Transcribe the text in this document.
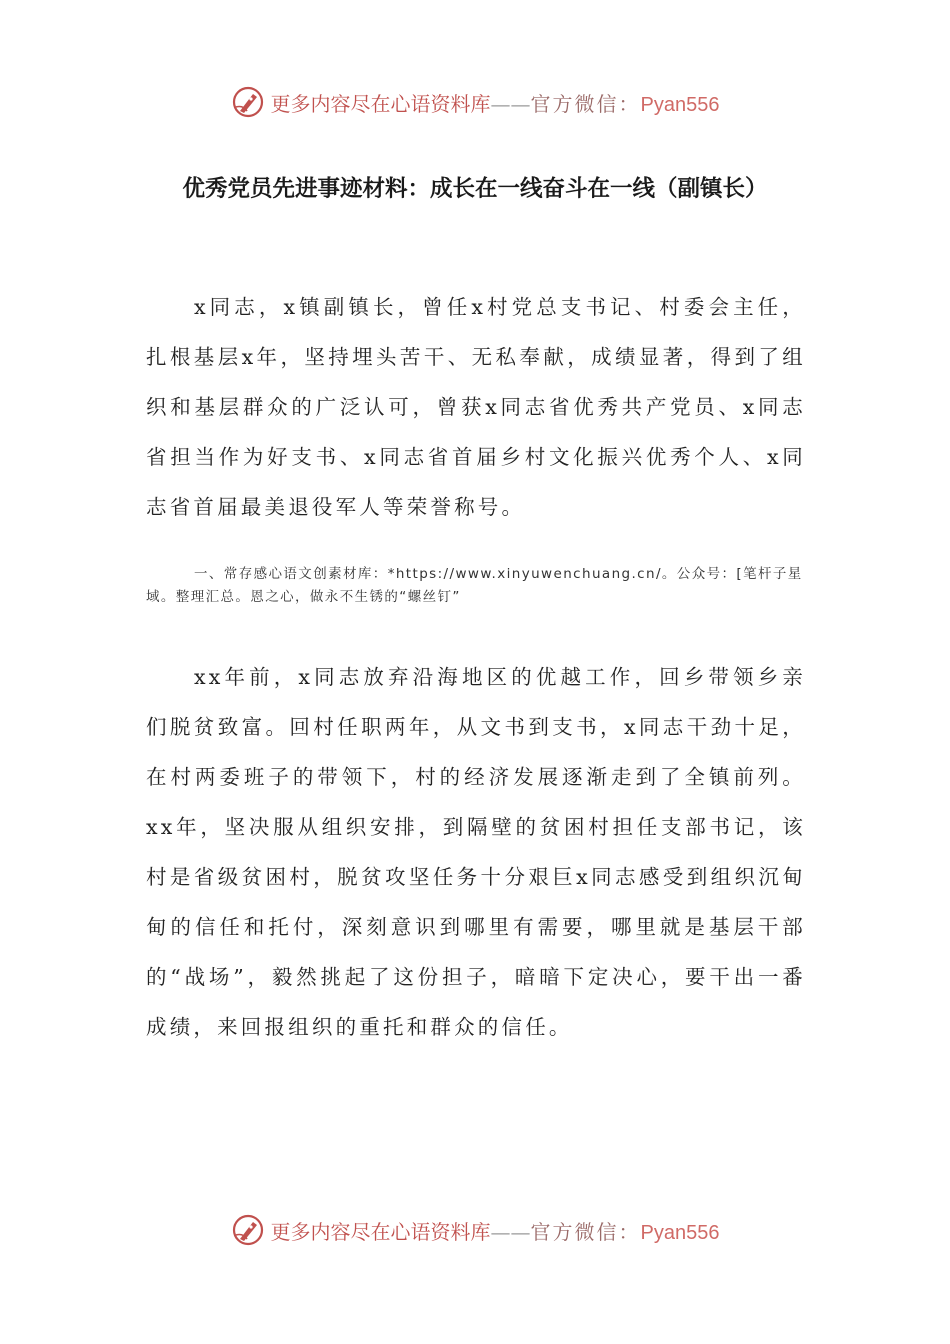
更多内容尽在心语资料库——官方微信：Pyan556
优秀党员先进事迹材料：成长在一线奋斗在一线（副镇长）

x同志，x镇副镇长，曾任x村党总支书记、村委会主任，扎根基层x年，坚持埋头苦干、无私奉献，成绩显著，得到了组织和基层群众的广泛认可，曾获x同志省优秀共产党员、x同志省担当作为好支书、x同志省首届乡村文化振兴优秀个人、x同志省首届最美退役军人等荣誉称号。

一、常存感心语文创素材库：*https://www.xinyuwenchuang.cn/。公众号：[笔杆子星域。整理汇总。恩之心，做永不生锈的“螺丝钉”

xx年前，x同志放弃沿海地区的优越工作，回乡带领乡亲们脱贫致富。回村任职两年，从文书到支书，x同志干劲十足，在村两委班子的带领下，村的经济发展逐渐走到了全镇前列。xx年，坚决服从组织安排，到隔壁的贫困村担任支部书记，该村是省级贫困村，脱贫攻坚任务十分艰巨x同志感受到组织沉甸甸的信任和托付，深刻意识到哪里有需要，哪里就是基层干部的“战场”，毅然挑起了这份担子，暗暗下定决心，要干出一番成绩，来回报组织的重托和群众的信任。

更多内容尽在心语资料库——官方微信：Pyan556
